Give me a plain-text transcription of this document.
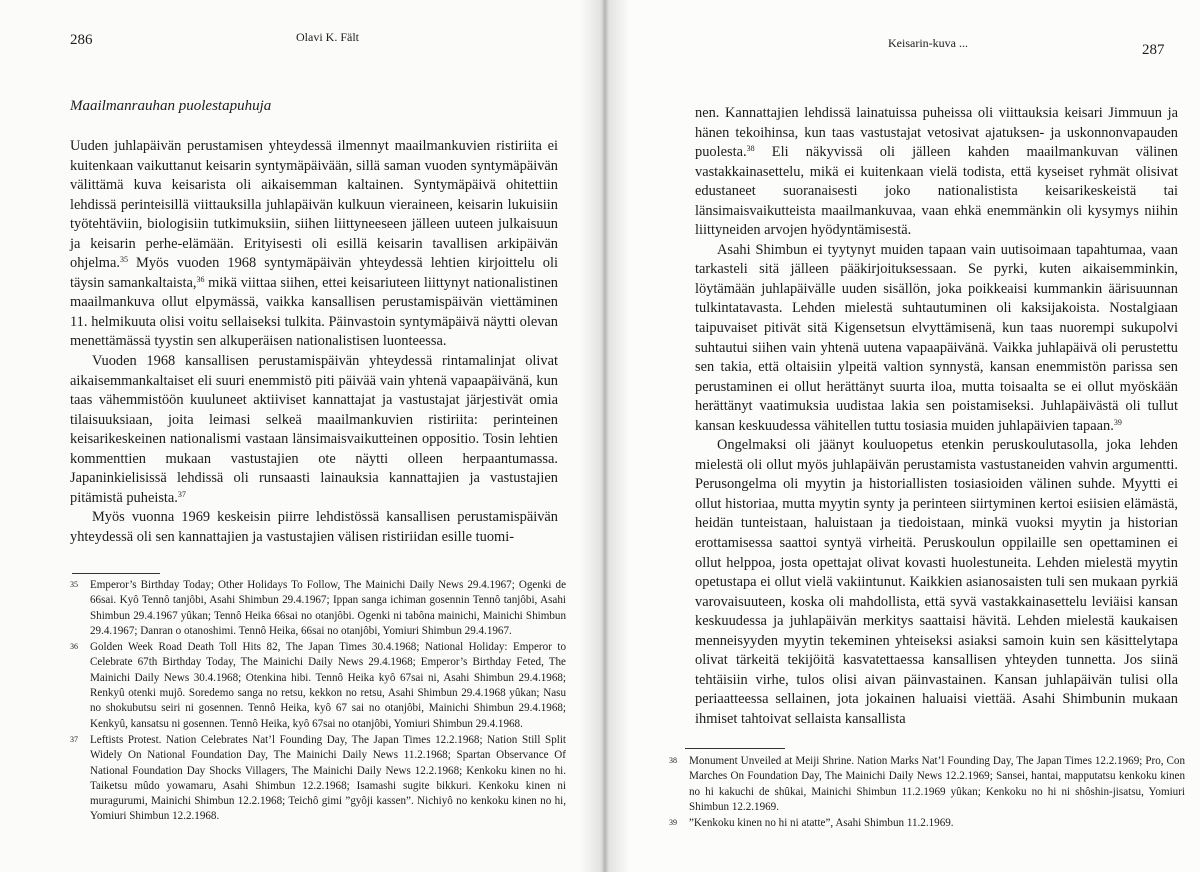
286	Olavi K. Fält
Maailmanrauhan puolestapuhuja

Uuden juhlapäivän perustamisen yhteydessä ilmennyt maailmankuvien ristiriita ei kuitenkaan vaikuttanut keisarin syntymäpäivään, sillä saman vuoden syntymäpäivän välittämä kuva keisarista oli aikaisemman kaltainen. Syntymäpäivä ohitettiin lehdissä perinteisillä viittauksilla juhlapäivän kulkuun vieraineen, keisarin lukuisiin työtehtäviin, biologisiin tutkimuksiin, siihen liittyneeseen jälleen uuteen julkaisuun ja keisarin perhe-elämään. Erityisesti oli esillä keisarin tavallisen arkipäivän ohjelma.$^{35}$ Myös vuoden 1968 syntymäpäivän yhteydessä lehtien kirjoittelu oli täysin samankaltaista,$^{36}$ mikä viittaa siihen, ettei keisariuteen liittynyt nationalistinen maailmankuva ollut elpymässä, vaikka kansallisen perustamispäivän viettäminen 11. helmikuuta olisi voitu sellaiseksi tulkita. Päinvastoin syntymäpäivä näytti olevan menettämässä tyystin sen alkuperäisen nationalistisen luonteessa.

Vuoden 1968 kansallisen perustamispäivän yhteydessä rintamalinjat olivat aikaisemmankaltaiset eli suuri enemmistö piti päivää vain yhtenä vapaapäivänä, kun taas vähemmistöön kuuluneet aktiiviset kannattajat ja vastustajat järjestivät omia tilaisuuksiaan, joita leimasi selkeä maailmankuvien ristiriita: perinteinen keisarikeskeinen nationalismi vastaan länsimaisvaikutteinen oppositio. Tosin lehtien kommenttien mukaan vastustajien ote näytti olleen herpaantumassa. Japaninkielisissä lehdissä oli runsaasti lainauksia kannattajien ja vastustajien pitämistä puheista.$^{37}$

Myös vuonna 1969 keskeisin piirre lehdistössä kansallisen perustamispäivän yhteydessä oli sen kannattajien ja vastustajien välisen ristiriidan esille tuomi-

35 Emperor’s Birthday Today; Other Holidays To Follow, The Mainichi Daily News 29.4.1967; Ogenki de 66sai. Kyô Tennô tanjôbi, Asahi Shimbun 29.4.1967; Ippan sanga ichiman gosennin Tennô tanjôbi, Asahi Shimbun 29.4.1967 yûkan; Tennô Heika 66sai no otanjôbi. Ogenki ni tabôna mainichi, Mainichi Shimbun 29.4.1967; Danran o otanoshimi. Tennô Heika, 66sai no otanjôbi, Yomiuri Shimbun 29.4.1967.
36 Golden Week Road Death Toll Hits 82, The Japan Times 30.4.1968; National Holiday: Emperor to Celebrate 67th Birthday Today, The Mainichi Daily News 29.4.1968; Emperor’s Birthday Feted, The Mainichi Daily News 30.4.1968; Otenkina hibi. Tennô Heika kyô 67sai ni, Asahi Shimbun 29.4.1968; Renkyû otenki mujô. Soredemo sanga no retsu, kekkon no retsu, Asahi Shimbun 29.4.1968 yûkan; Nasu no shokubutsu seiri ni gosennen. Tennô Heika, kyô 67 sai no otanjôbi, Mainichi Shimbun 29.4.1968; Kenkyû, kansatsu ni gosennen. Tennô Heika, kyô 67sai no otanjôbi, Yomiuri Shimbun 29.4.1968.
37 Leftists Protest. Nation Celebrates Nat’l Founding Day, The Japan Times 12.2.1968; Nation Still Split Widely On National Foundation Day, The Mainichi Daily News 11.2.1968; Spartan Observance Of National Foundation Day Shocks Villagers, The Mainichi Daily News 12.2.1968; Kenkoku kinen no hi. Taiketsu mûdo yowamaru, Asahi Shimbun 12.2.1968; Isamashi sugite bikkuri. Kenkoku kinen ni muragurumi, Mainichi Shimbun 12.2.1968; Teichô gimi ”gyôji kassen”. Nichiyô no kenkoku kinen no hi, Yomiuri Shimbun 12.2.1968.
Keisarin-kuva ...	287

nen. Kannattajien lehdissä lainatuissa puheissa oli viittauksia keisari Jimmuun ja hänen tekoihinsa, kun taas vastustajat vetosivat ajatuksen- ja uskonnonvapauden puolesta.$^{38}$ Eli näkyvissä oli jälleen kahden maailmankuvan välinen vastakkainasettelu, mikä ei kuitenkaan vielä todista, että kyseiset ryhmät olisivat edustaneet suoranaisesti joko nationalistista keisarikeskeistä tai länsimaisvaikutteista maailmankuvaa, vaan ehkä enemmänkin oli kysymys niihin liittyneiden arvojen hyödyntämisestä.

Asahi Shimbun ei tyytynyt muiden tapaan vain uutisoimaan tapahtumaa, vaan tarkasteli sitä jälleen pääkirjoituksessaan. Se pyrki, kuten aikaisemminkin, löytämään juhlapäivälle uuden sisällön, joka poikkeaisi kummankin äärisuunnan tulkintatavasta. Lehden mielestä suhtautuminen oli kaksijakoista. Nostalgiaan taipuvaiset pitivät sitä Kigensetsun elvyttämisenä, kun taas nuorempi sukupolvi suhtautui siihen vain yhtenä uutena vapaapäivänä. Vaikka juhlapäivä oli perustettu sen takia, että oltaisiin ylpeitä valtion synnystä, kansan enemmistön parissa sen perustaminen ei ollut herättänyt suurta iloa, mutta toisaalta se ei ollut myöskään herättänyt vaatimuksia uudistaa lakia sen poistamiseksi. Juhlapäivästä oli tullut kansan keskuudessa vähitellen tuttu tosiasia muiden juhlapäivien tapaan.$^{39}$

Ongelmaksi oli jäänyt kouluopetus etenkin peruskoulutasolla, joka lehden mielestä oli ollut myös juhlapäivän perustamista vastustaneiden vahvin argumentti. Perusongelma oli myytin ja historiallisten tosiasioiden välinen suhde. Myytti ei ollut historiaa, mutta myytin synty ja perinteen siirtyminen kertoi esiisien elämästä, heidän tunteistaan, haluistaan ja tiedoistaan, minkä vuoksi myytin ja historian erottamisessa saattoi syntyä virheitä. Peruskoulun oppilaille sen opettaminen ei ollut helppoa, josta opettajat olivat kovasti huolestuneita. Lehden mielestä myytin opetustapa ei ollut vielä vakiintunut. Kaikkien asianosaisten tuli sen mukaan pyrkiä varovaisuuteen, koska oli mahdollista, että syvä vastakkainasettelu leviäisi kansan keskuudessa ja juhlapäivän merkitys saattaisi hävitä. Lehden mielestä kaukaisen menneisyyden myytin tekeminen yhteiseksi asiaksi samoin kuin sen käsittelytapa olivat tärkeitä tekijöitä kasvatettaessa kansallisen yhteyden tunnetta. Jos siinä tehtäisiin virhe, tulos olisi aivan päinvastainen. Kansan juhlapäivän tulisi olla periaatteessa sellainen, jota jokainen haluaisi viettää. Asahi Shimbunin mukaan ihmiset tahtoivat sellaista kansallista

38 Monument Unveiled at Meiji Shrine. Nation Marks Nat’l Founding Day, The Japan Times 12.2.1969; Pro, Con Marches On Foundation Day, The Mainichi Daily News 12.2.1969; Sansei, hantai, mapputatsu kenkoku kinen no hi kakuchi de shûkai, Mainichi Shimbun 11.2.1969 yûkan; Kenkoku no hi ni shôshin-jisatsu, Yomiuri Shimbun 12.2.1969.
39 ”Kenkoku kinen no hi ni atatte”, Asahi Shimbun 11.2.1969.
